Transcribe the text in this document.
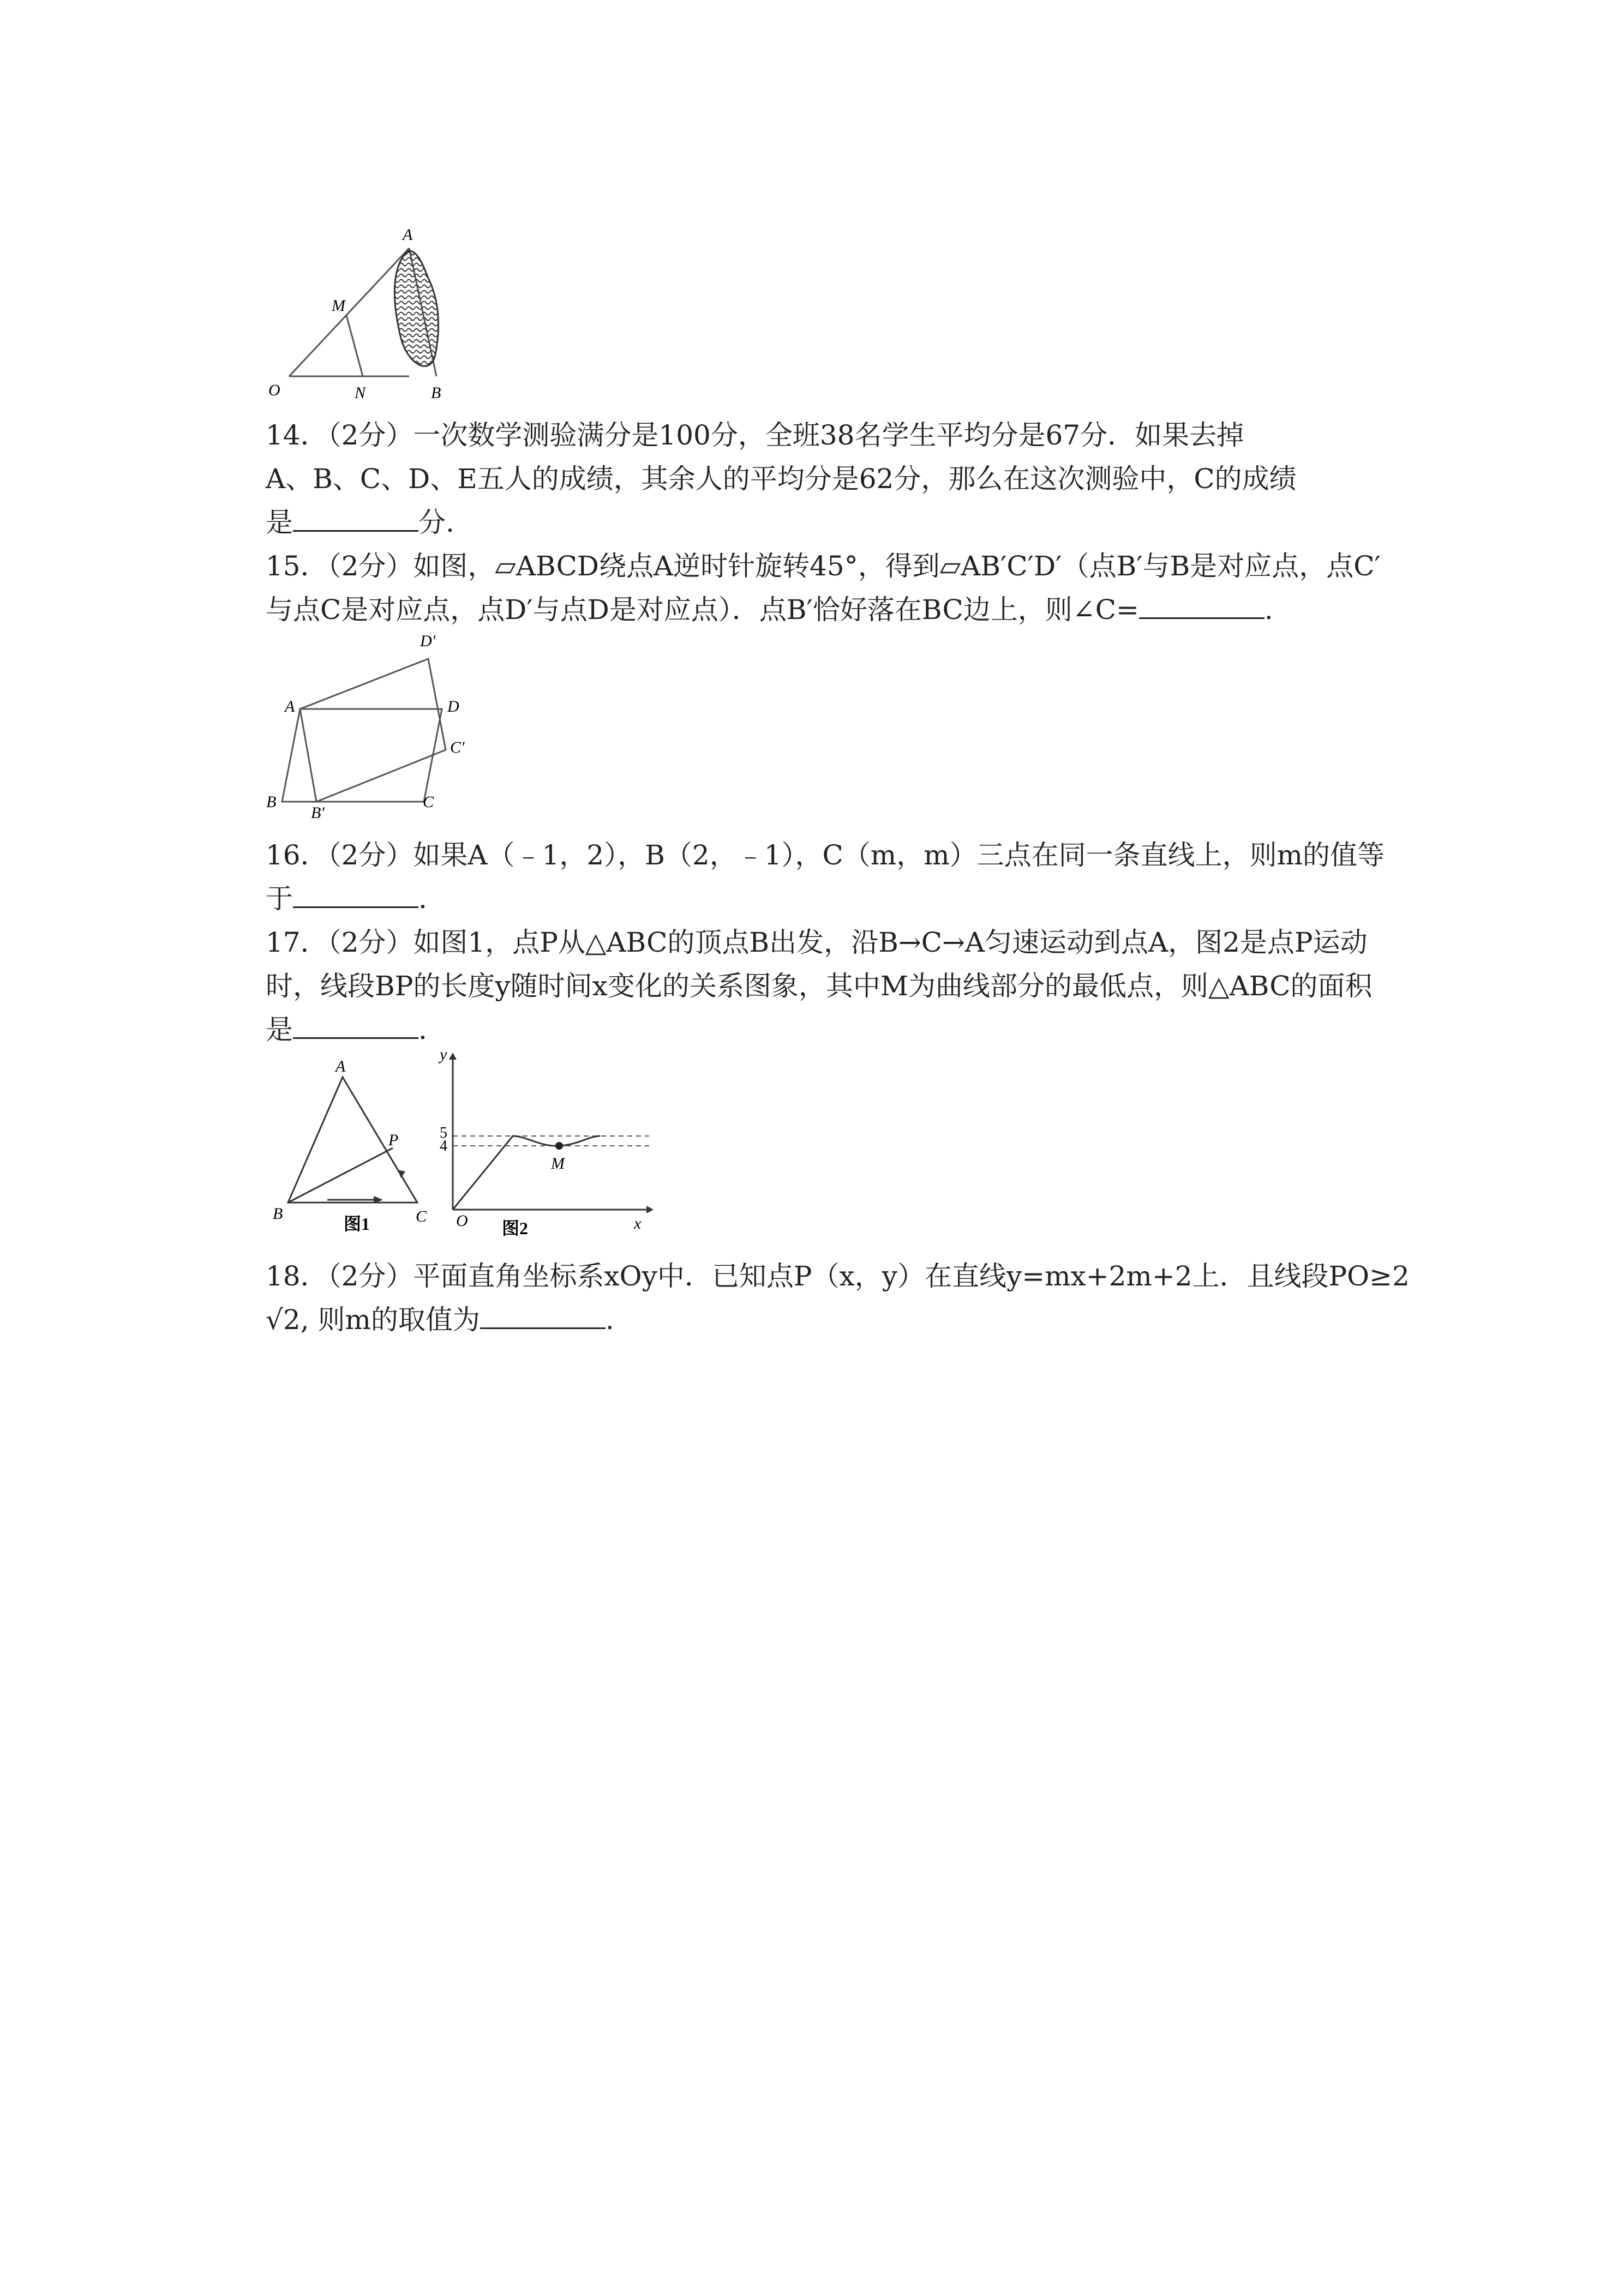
A
M
O	N	B
14．（2分）一次数学测验满分是100分，全班38名学生平均分是67分．如果去掉
A、B、C、D、E五人的成绩，其余人的平均分是62分，那么在这次测验中，C的成绩
是	分.
15．（2分）如图，▱ABCD绕点A逆时针旋转45°，得到▱AB′C′D′（点B′与B是对应点，点C′
与点C是对应点，点D′与点D是对应点）．点B′恰好落在BC边上，则∠C=	.
D′
A	D
C′
B
B′
C
16．（2分）如果A（﹣1，2），B（2，﹣1），C（m，m）三点在同一条直线上，则m的值等
于	.
17．（2分）如图1，点P从△ABC的顶点B出发，沿B→C→A匀速运动到点A，图2是点P运动
时，线段BP的长度y随时间x变化的关系图象，其中M为曲线部分的最低点，则△ABC的面积
是	.
A
P
B	C
图1
y
5
4
M
O	x
图2
18．（2分）平面直角坐标系xOy中．已知点P（x，y）在直线y=mx+2m+2上．且线段PO≥2
√2, 则m的取值为	.
